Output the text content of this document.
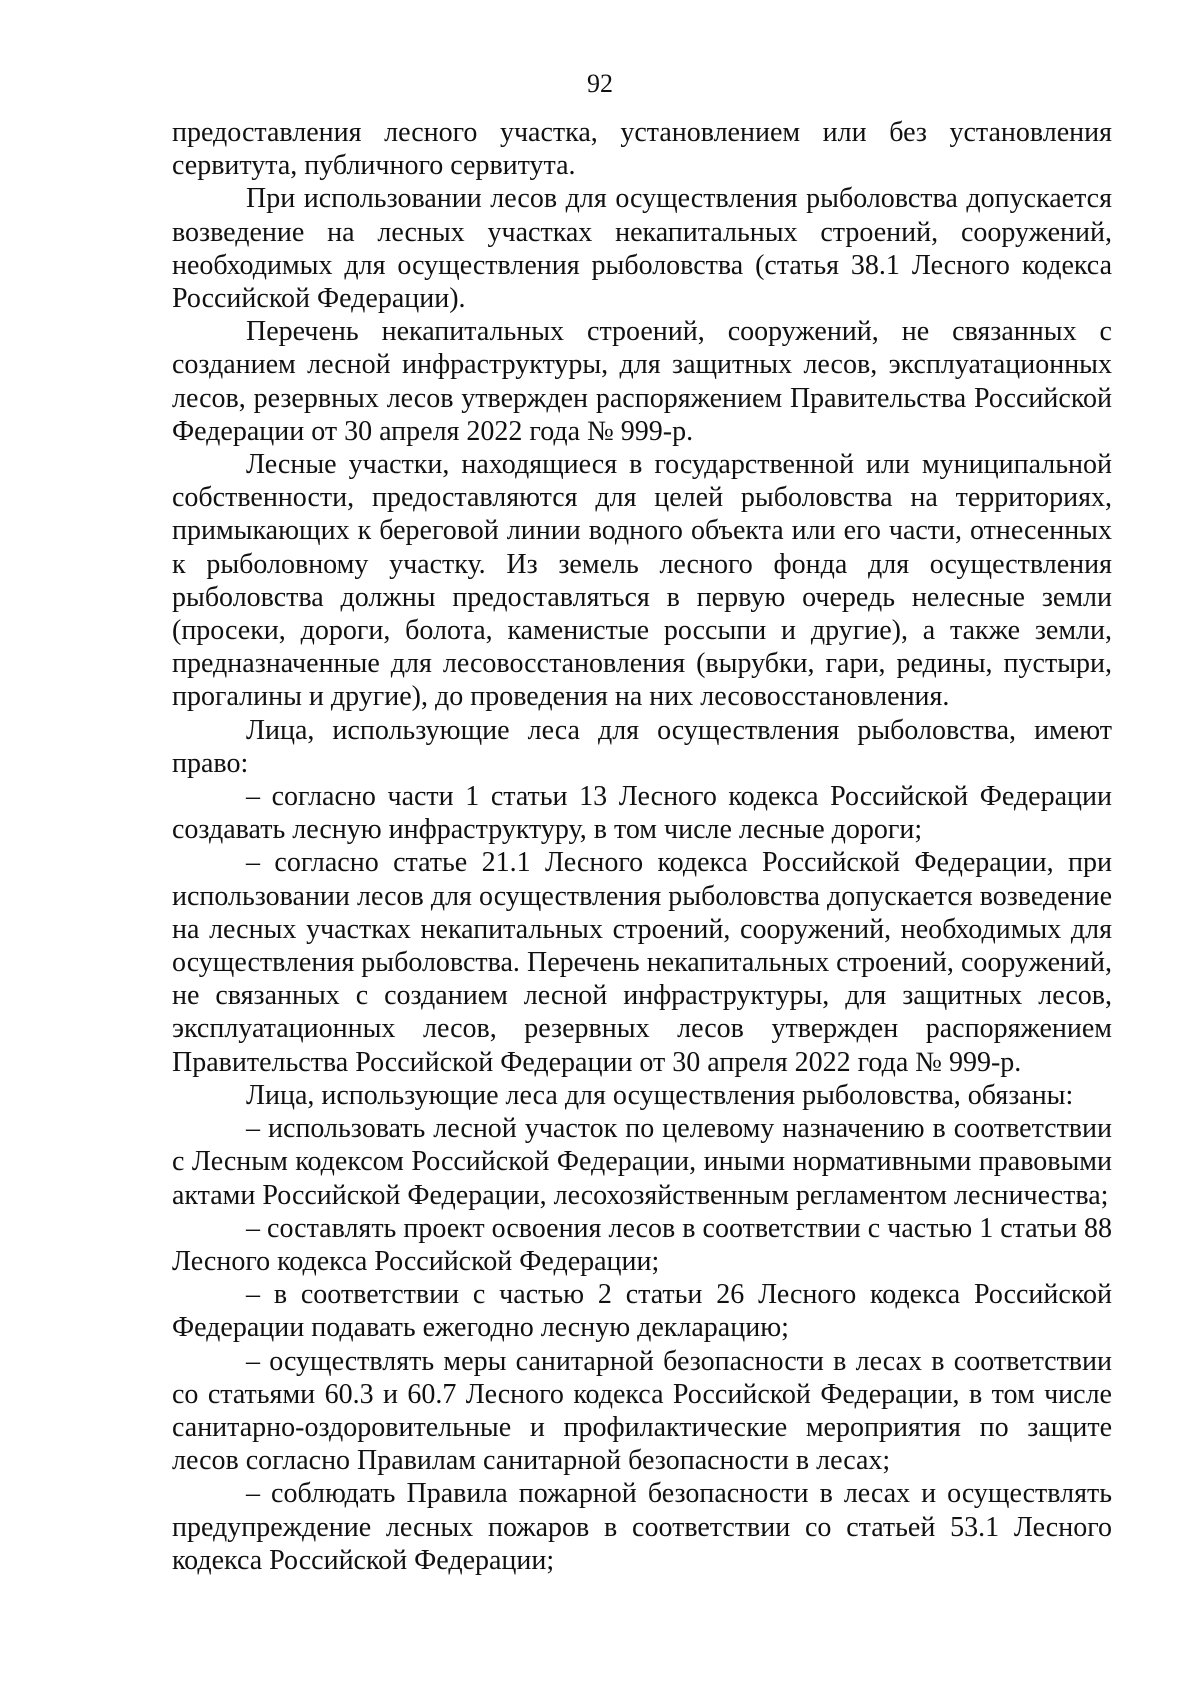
92

предоставления лесного участка, установлением или без установления сервитута, публичного сервитута.

При использовании лесов для осуществления рыболовства допускается возведение на лесных участках некапитальных строений, сооружений, необходимых для осуществления рыболовства (статья 38.1 Лесного кодекса Российской Федерации).

Перечень некапитальных строений, сооружений, не связанных с созданием лесной инфраструктуры, для защитных лесов, эксплуатационных лесов, резервных лесов утвержден распоряжением Правительства Российской Федерации от 30 апреля 2022 года № 999-р.

Лесные участки, находящиеся в государственной или муниципальной собственности, предоставляются для целей рыболовства на территориях, примыкающих к береговой линии водного объекта или его части, отнесенных к рыболовному участку. Из земель лесного фонда для осуществления рыболовства должны предоставляться в первую очередь нелесные земли (просеки, дороги, болота, каменистые россыпи и другие), а также земли, предназначенные для лесовосстановления (вырубки, гари, редины, пустыри, прогалины и другие), до проведения на них лесовосстановления.

Лица, использующие леса для осуществления рыболовства, имеют право:

– согласно части 1 статьи 13 Лесного кодекса Российской Федерации создавать лесную инфраструктуру, в том числе лесные дороги;

– согласно статье 21.1 Лесного кодекса Российской Федерации, при использовании лесов для осуществления рыболовства допускается возведение на лесных участках некапитальных строений, сооружений, необходимых для осуществления рыболовства. Перечень некапитальных строений, сооружений, не связанных с созданием лесной инфраструктуры, для защитных лесов, эксплуатационных лесов, резервных лесов утвержден распоряжением Правительства Российской Федерации от 30 апреля 2022 года № 999-р.

Лица, использующие леса для осуществления рыболовства, обязаны:

– использовать лесной участок по целевому назначению в соответствии с Лесным кодексом Российской Федерации, иными нормативными правовыми актами Российской Федерации, лесохозяйственным регламентом лесничества;

– составлять проект освоения лесов в соответствии с частью 1 статьи 88 Лесного кодекса Российской Федерации;

– в соответствии с частью 2 статьи 26 Лесного кодекса Российской Федерации подавать ежегодно лесную декларацию;

– осуществлять меры санитарной безопасности в лесах в соответствии со статьями 60.3 и 60.7 Лесного кодекса Российской Федерации, в том числе санитарно-оздоровительные и профилактические мероприятия по защите лесов согласно Правилам санитарной безопасности в лесах;

– соблюдать Правила пожарной безопасности в лесах и осуществлять предупреждение лесных пожаров в соответствии со статьей 53.1 Лесного кодекса Российской Федерации;
